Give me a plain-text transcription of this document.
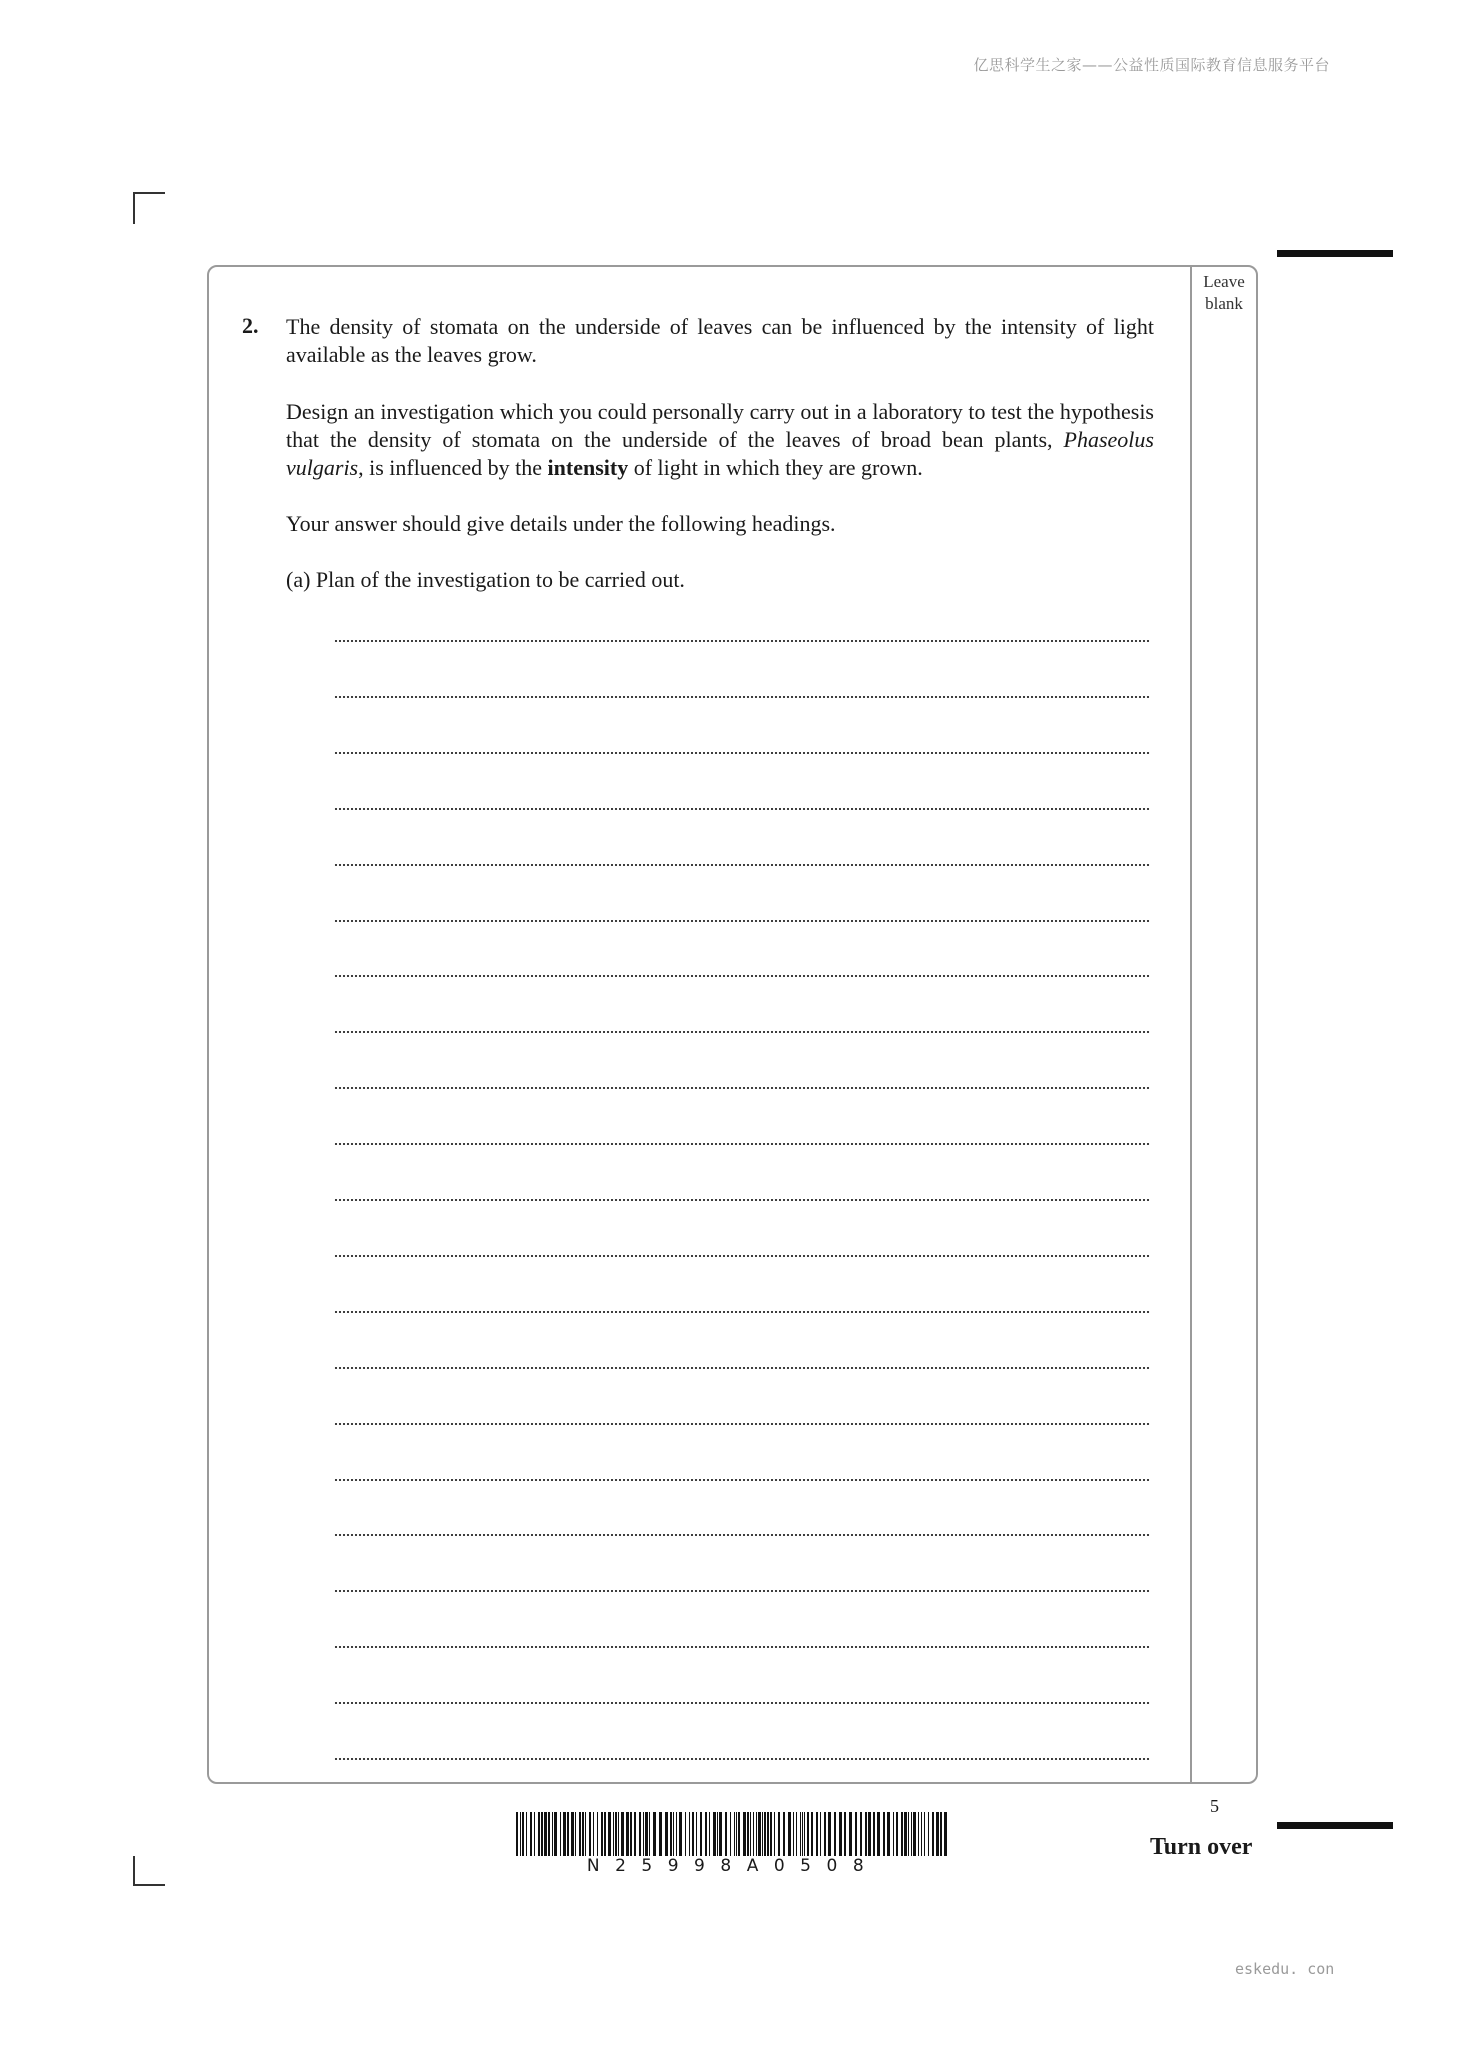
亿思科学生之家——公益性质国际教育信息服务平台
Leave
blank
2. The density of stomata on the underside of leaves can be influenced by the intensity of light available as the leaves grow.
Design an investigation which you could personally carry out in a laboratory to test the hypothesis that the density of stomata on the underside of the leaves of broad bean plants, Phaseolus vulgaris, is influenced by the intensity of light in which they are grown.
Your answer should give details under the following headings.
(a) Plan of the investigation to be carried out.
5
Turn over
N25998A0508
eskedu. con
